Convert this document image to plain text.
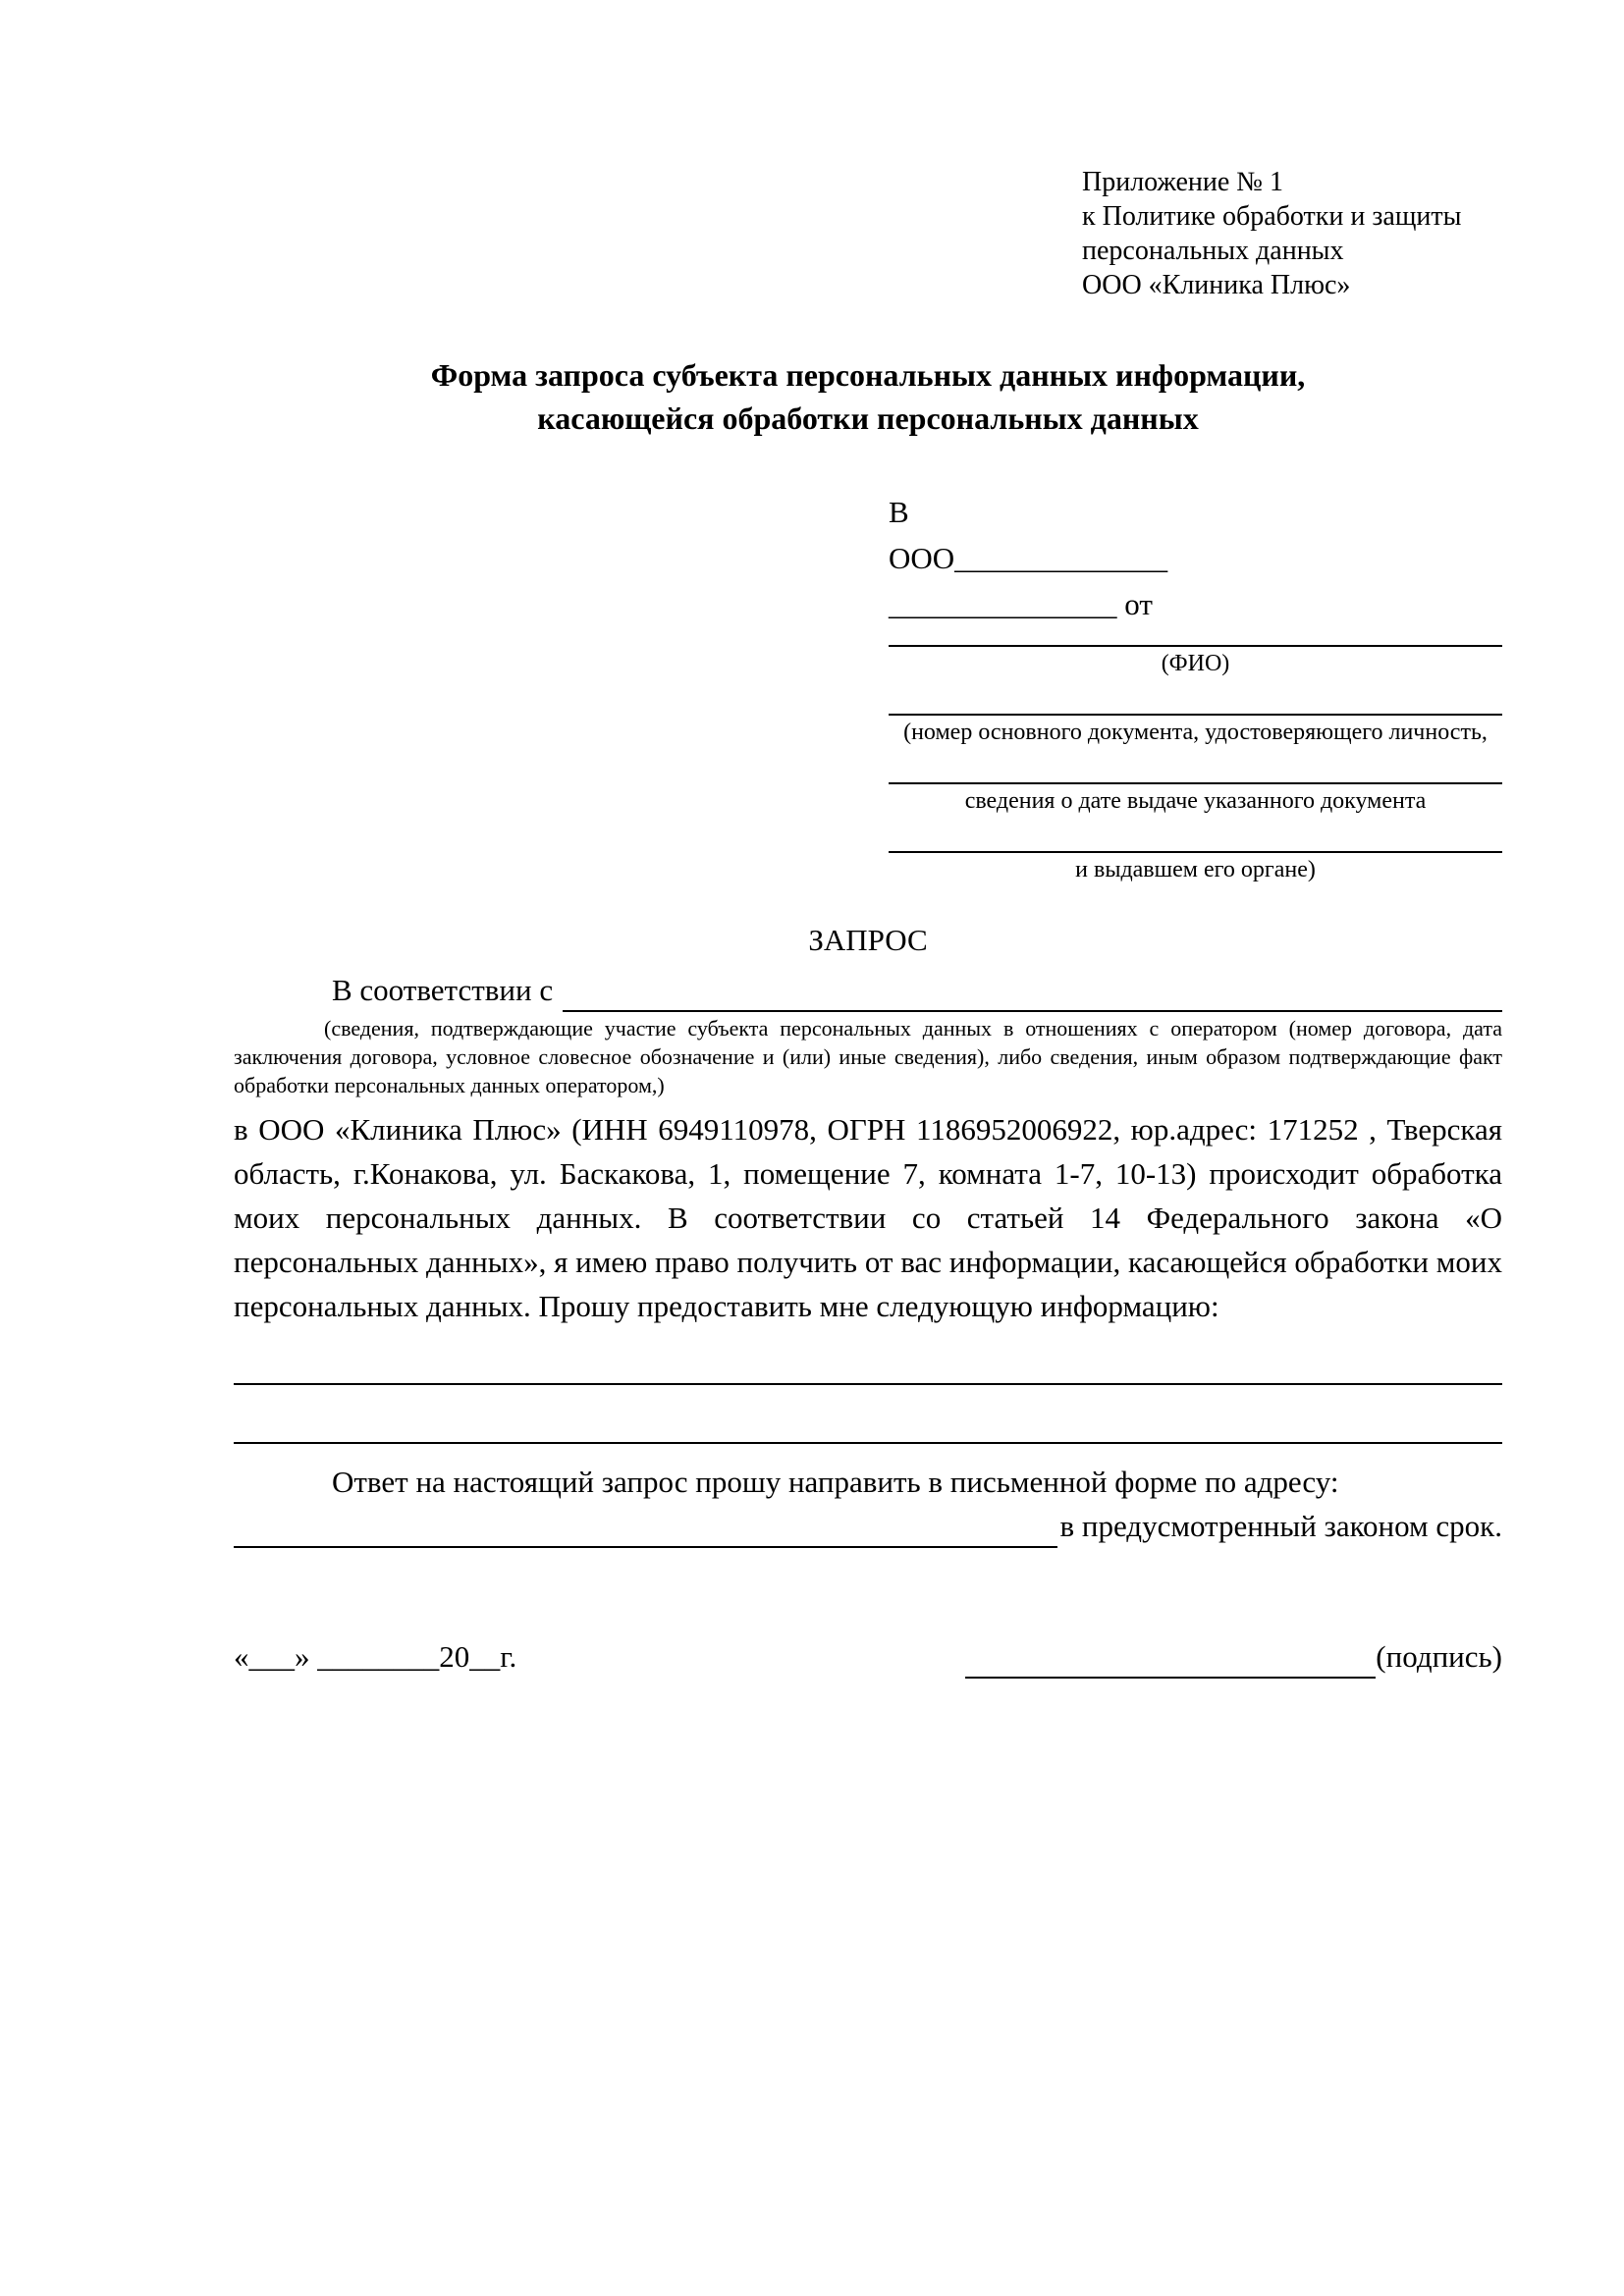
Приложение № 1
к Политике обработки и защиты
персональных данных
ООО «Клиника Плюс»
Форма запроса субъекта персональных данных информации,
касающейся обработки персональных данных
В
ООО______________
_______________ от
(ФИО)
(номер основного документа, удостоверяющего личность,
сведения о дате выдаче указанного документа
и выдавшем его органе)
ЗАПРОС
В соответствии с

(сведения, подтверждающие участие субъекта персональных данных в отношениях с оператором (номер договора, дата заключения договора, условное словесное обозначение и (или) иные сведения), либо сведения, иным образом подтверждающие факт обработки персональных данных оператором,)

в ООО «Клиника Плюс» (ИНН 6949110978, ОГРН 1186952006922, юр.адрес: 171252 , Тверская область, г.Конакова, ул. Баскакова, 1, помещение 7, комната 1-7, 10-13) происходит обработка моих персональных данных. В соответствии со статьей 14 Федерального закона «О персональных данных», я имею право получить от вас информации, касающейся обработки моих персональных данных. Прошу предоставить мне следующую информацию:

Ответ на настоящий запрос прошу направить в письменной форме по адресу:

в предусмотренный законом срок.
«___» ________20__г.	(подпись)
